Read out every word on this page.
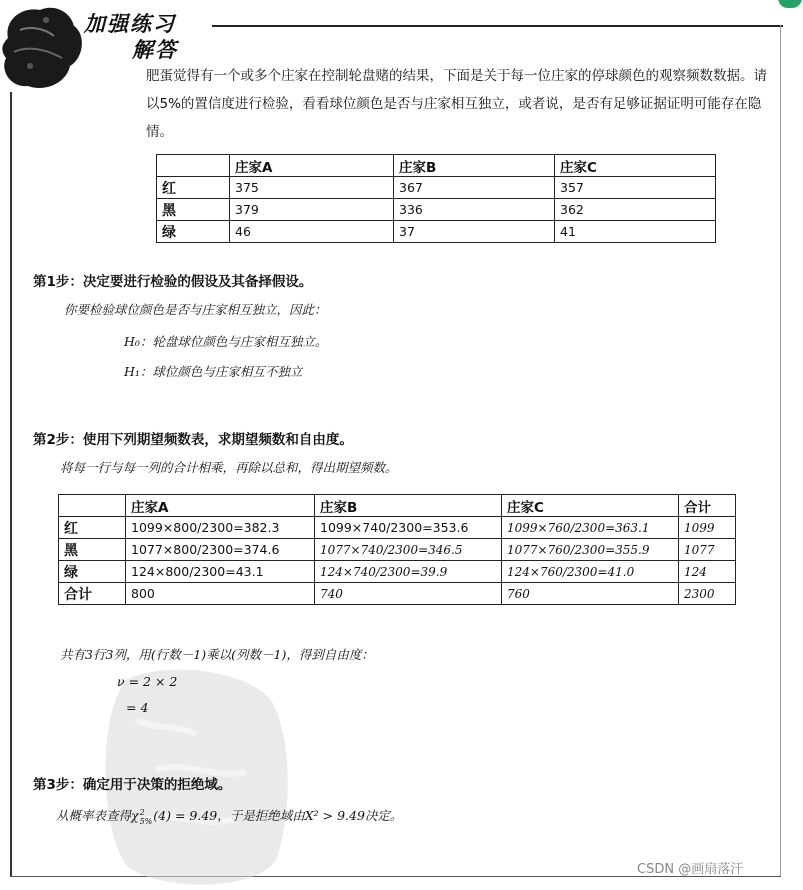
加强练习
解答
肥蛋觉得有一个或多个庄家在控制轮盘赌的结果，下面是关于每一位庄家的停球颜色的观察频数数据。请以5%的置信度进行检验，看看球位颜色是否与庄家相互独立，或者说，是否有足够证据证明可能存在隐情。
	庄家A	庄家B	庄家C
红	375	367	357
黑	379	336	362
绿	46	37	41
第1步：决定要进行检验的假设及其备择假设。
你要检验球位颜色是否与庄家相互独立，因此：
H₀：轮盘球位颜色与庄家相互独立。
H₁：球位颜色与庄家相互不独立
第2步：使用下列期望频数表，求期望频数和自由度。
将每一行与每一列的合计相乘，再除以总和，得出期望频数。
	庄家A	庄家B	庄家C	合计
红	1099×800/2300=382.3	1099×740/2300=353.6	1099×760/2300=363.1	1099
黑	1077×800/2300=374.6	1077×740/2300=346.5	1077×760/2300=355.9	1077
绿	124×800/2300=43.1	124×740/2300=39.9	124×760/2300=41.0	124
合计	800	740	760	2300
共有3行3列，用(行数－1)乘以(列数－1)，得到自由度：
ν = 2 × 2
= 4
第3步：确定用于决策的拒绝域。
从概率表查得χ 2
5% (4) = 9.49，于是拒绝域由X² > 9.49决定。
CSDN @画扇落汗
